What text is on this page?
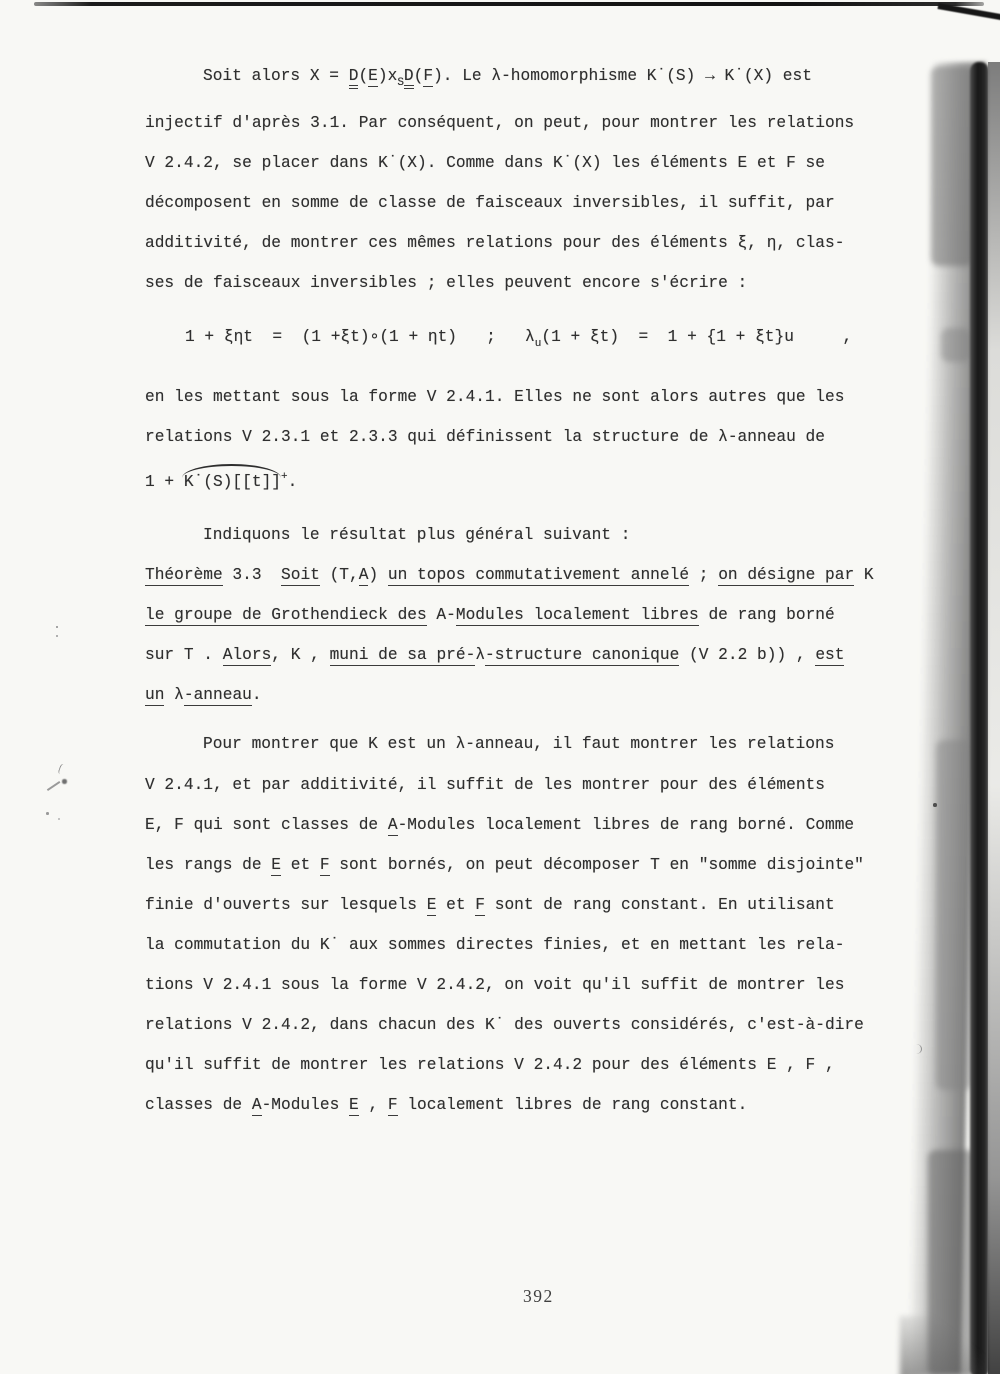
Soit alors $X = D(E)x_SD(F)$. Le λ-homomorphisme K˙(S) → K˙(X) est
injectif d'après 3.1. Par conséquent, on peut, pour montrer les relations
V 2.4.2, se placer dans K˙(X). Comme dans K˙(X) les éléments E et F se
décomposent en somme de classe de faisceaux inversibles, il suffit, par
additivité, de montrer ces mêmes relations pour des éléments ξ, η, clas-
ses de faisceaux inversibles ; elles peuvent encore s'écrire :
1 + ξηt  =  (1 +ξt)∘(1 + ηt)   ;   $\lambda_u(1 + \xi t) = 1 + \{1 + \xi t\}u$     ,
en les mettant sous la forme V 2.4.1. Elles ne sont alors autres que les
relations V 2.3.1 et 2.3.3 qui définissent la structure de λ-anneau de
1 + K˙(S)[[t]]+.
Indiquons le résultat plus général suivant :
Théorème 3.3  Soit (T,A) un topos commutativement annelé ; on désigne par K
le groupe de Grothendieck des A-Modules localement libres de rang borné
sur T . Alors, K , muni de sa pré-λ-structure canonique (V 2.2 b)) , est
un λ-anneau.
Pour montrer que K est un λ-anneau, il faut montrer les relations
V 2.4.1, et par additivité, il suffit de les montrer pour des éléments
E, F qui sont classes de A-Modules localement libres de rang borné. Comme
les rangs de E et F sont bornés, on peut décomposer T en "somme disjointe"
finie d'ouverts sur lesquels E et F sont de rang constant. En utilisant
la commutation du K˙ aux sommes directes finies, et en mettant les rela-
tions V 2.4.1 sous la forme V 2.4.2, on voit qu'il suffit de montrer les
relations V 2.4.2, dans chacun des K˙ des ouverts considérés, c'est-à-dire
qu'il suffit de montrer les relations V 2.4.2 pour des éléments E , F ,
classes de A-Modules E , F localement libres de rang constant.
392
